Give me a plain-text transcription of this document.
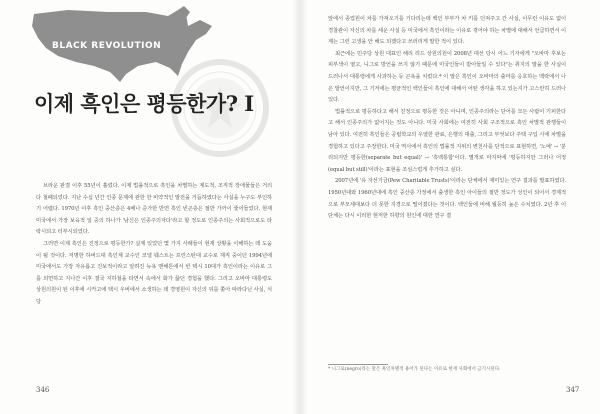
BLACK REVOLUTION
이제 흑인은 평등한가? I

브라운 판결 이후 55년이 흘렀다. 이제 법률적으로 흑인을 차별하는 제도적, 조직적 장애물들은 거의 다 철폐되었다. 지난 수십 년간 인종 문제에 관한 한 비약적인 발전을 거듭하였다는 사실을 누구도 부인하기 어렵다. 1970년 이후 흑인 중산층은 4배나 증가한 반면 흑인 빈곤층은 절반 가까이 줄어들었다. 현재 미국에서 가장 보육적 일 중의 하나가 '남신은 인종주의자다'라고 할 정도로 인종주의는 사회적으로도 타락시되고 터부시되었다.

그러면 이제 흑인은 진정으로 평등한가? 실제 있었던 몇 가지 사례들이 현재 상황을 이해하는 데 도움이 될 것이다. 저명한 하버드대 흑인계 교수인 코넬 웨스트는 프린스턴대 교수로 재직 중이던 1994년에 미국에서도 가장 자유롭고 진보적이라고 알려진 뉴욕 맨해튼에서 빈 택시 10대가 흑인이라는 이유로 그를 외면하고 지나간 이후 결국 지하철을 타면서 속에서 화가 끓던 경험을 했다. 그리고 오바마 대통령도 상원의원이 된 이후에 시카고에 택시 우버에서 소생하는 데 경영원이 자신의 뒤를 쫓아 따라다닌 사실, 식당

346

앞에서 종업원이 차를 가져오기를 기다리는데 백인 부부가 차 키를 던져주고 간 사실, 이무런 이유도 없이 경찰관이 자신의 차를 세운 사실 등 미국에서 흑인이라는 이유로 겪어야 하는 차별에 대해서 언급하면서 이제는 그런 고생을 안 해도 되겠다고 쓰러리게 말한 적이 있다.

최근에는 민주당 상원 대표인 해리 리드 상원의원이 2008년 대선 당시 어느 기자에게 "오바마 후보는 피부색이 옅고, 니그로 방언을 쓰지 않기 때문에 미국인들이 받아들일 수 있다"는 취지의 말을 한 사실이 드러나서 대통령에게 사과하는 등 곤욕을 치렀다.* 이 말은 흑인이 오바마의 출마를 응호하는 맥락에서 나온 발언이지만, 그 기저에는 평균적인 백인들이 흑인에 대해서 어떤 생각을 하고 있는지가 고스란히 드러나 있다.

법률적으로 평등하다고 해서 진정으로 평등한 것은 아니며, 인종주의라는 단어를 모든 사람이 기피한다고 해서 인종주의가 없어지는 것도 아니다. 미국 사회에는 여전히 사회 구조적으로 흑인 차별적 관행들이 남아 있다. 여전히 흑인들은 공립학교의 우열한 관료, 은행의 대출, 그리고 부엇보다 주택 구입 시에 차별을 경험하고 있다고 주장한다. 미국 역사에서 흑인의 법률적 지위의 변천사를 단적으로 표현하면, '노예' → '분리되지만 평등한(separate but equal)' → '흑백통합'이다. 별개로 마지막에 '평등하지만 그러나 어정(equal but still)'이라는 표현을 조심스럽게 추가하고 싶다.

2007년에 '유 자선기금(Pew Charitable Trusts)'이라는 단체에서 재미있는 연구 결과를 발표하였다. 1950년대와 1960년대에 흑인 중산층 가정에서 출생한 흑인 아이들의 절반 정도가 성인이 되어서 경제적으로 부모세대보다 더 못한 지경으로 떨어졌다는 것이다. 백인들에 비해 월등히 높은 수치였다. 2년 후 이 단체는 다시 이러한 현저한 하향의 원인에 대한 연구 결

* 니그로(negro)라는 말은 흑인차별적 용어가 된다는 이유로 현재 사회에서 금기시된다.
347
